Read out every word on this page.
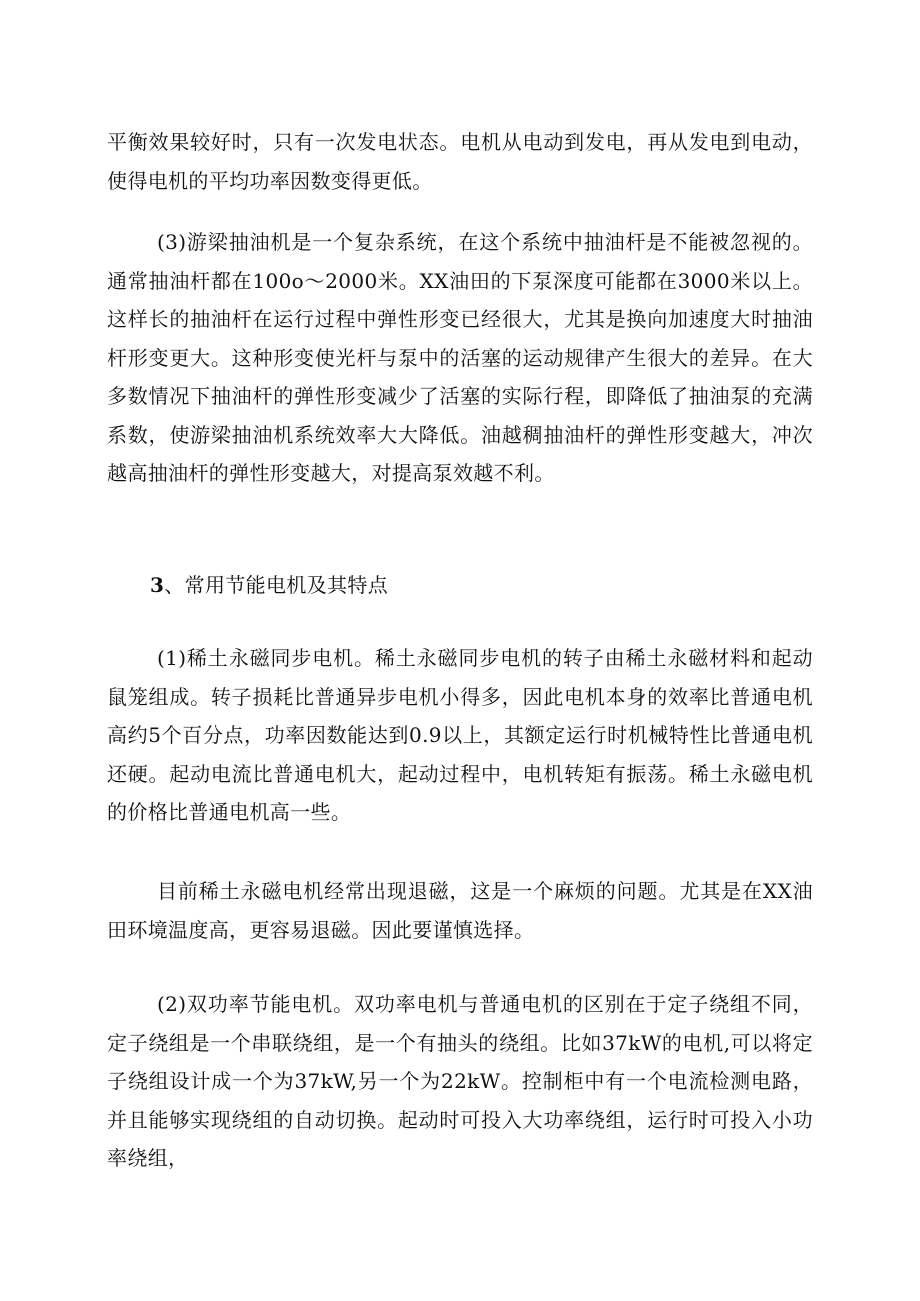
平衡效果较好时，只有一次发电状态。电机从电动到发电，再从发电到电动，使得电机的平均功率因数变得更低。

(3)游梁抽油机是一个复杂系统，在这个系统中抽油杆是不能被忽视的。通常抽油杆都在100o～2000米。XX油田的下泵深度可能都在3000米以上。这样长的抽油杆在运行过程中弹性形变已经很大，尤其是换向加速度大时抽油杆形变更大。这种形变使光杆与泵中的活塞的运动规律产生很大的差异。在大多数情况下抽油杆的弹性形变减少了活塞的实际行程，即降低了抽油泵的充满系数，使游梁抽油机系统效率大大降低。油越稠抽油杆的弹性形变越大，冲次越高抽油杆的弹性形变越大，对提高泵效越不利。

3、常用节能电机及其特点

(1)稀土永磁同步电机。稀土永磁同步电机的转子由稀土永磁材料和起动鼠笼组成。转子损耗比普通异步电机小得多，因此电机本身的效率比普通电机高约5个百分点，功率因数能达到0.9以上，其额定运行时机械特性比普通电机还硬。起动电流比普通电机大，起动过程中，电机转矩有振荡。稀土永磁电机的价格比普通电机高一些。

目前稀土永磁电机经常出现退磁，这是一个麻烦的问题。尤其是在XX油田环境温度高，更容易退磁。因此要谨慎选择。

(2)双功率节能电机。双功率电机与普通电机的区别在于定子绕组不同，定子绕组是一个串联绕组，是一个有抽头的绕组。比如37kW的电机,可以将定子绕组设计成一个为37kW,另一个为22kW。控制柜中有一个电流检测电路，并且能够实现绕组的自动切换。起动时可投入大功率绕组，运行时可投入小功率绕组，
